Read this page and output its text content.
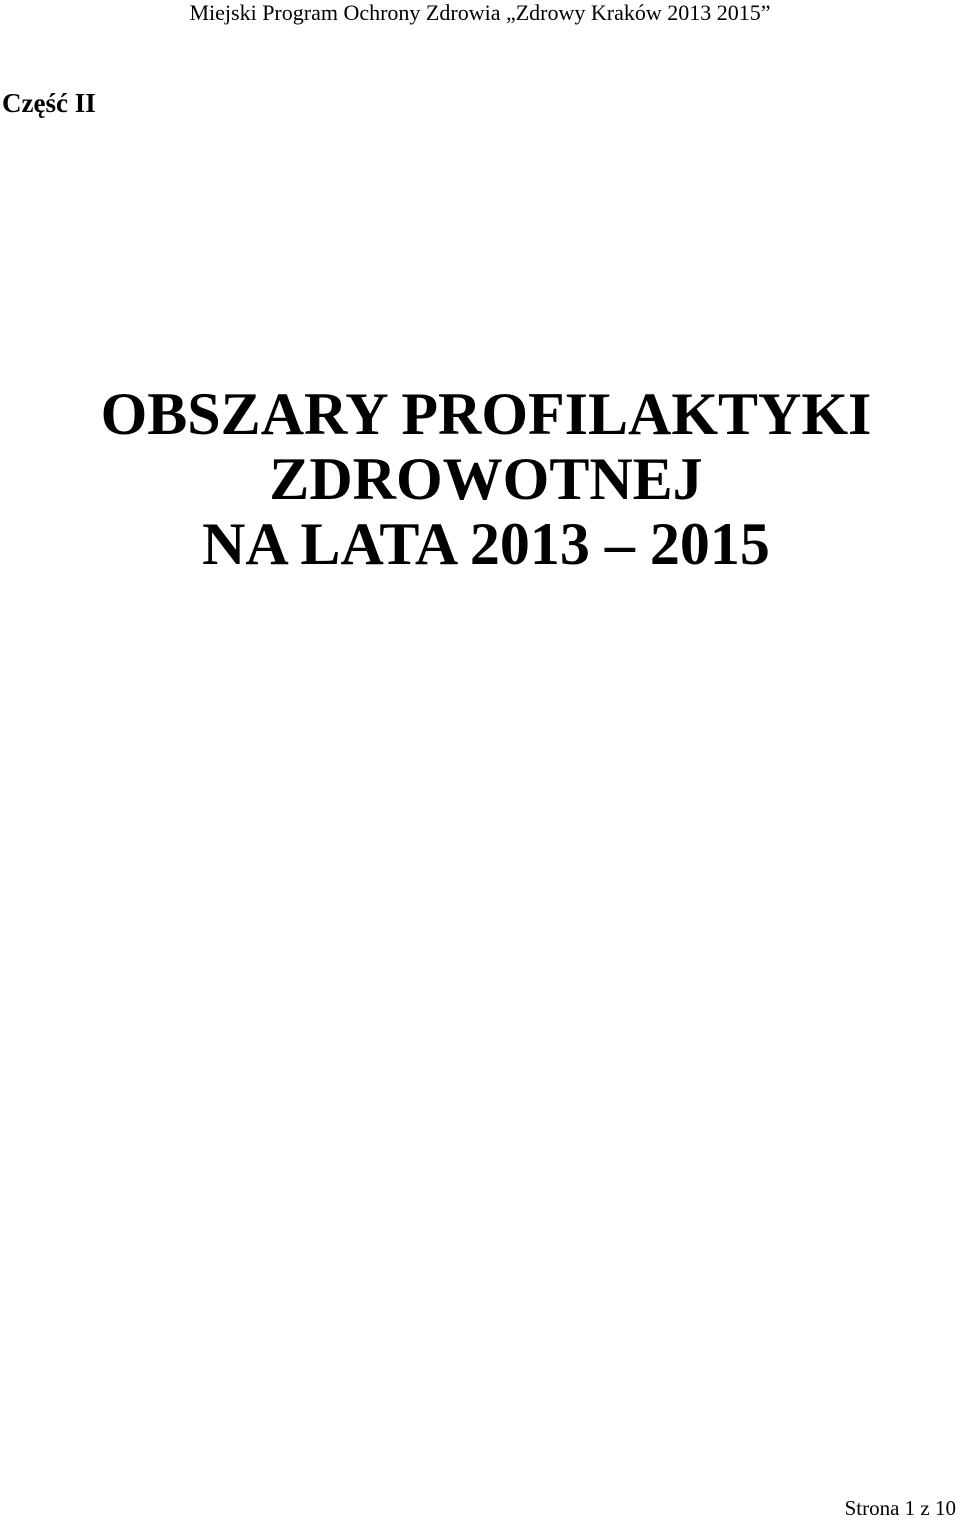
Miejski Program Ochrony Zdrowia „Zdrowy Kraków 2013 2015”
Część II
OBSZARY PROFILAKTYKI
ZDROWOTNEJ
NA LATA 2013 – 2015
Strona 1 z 10
